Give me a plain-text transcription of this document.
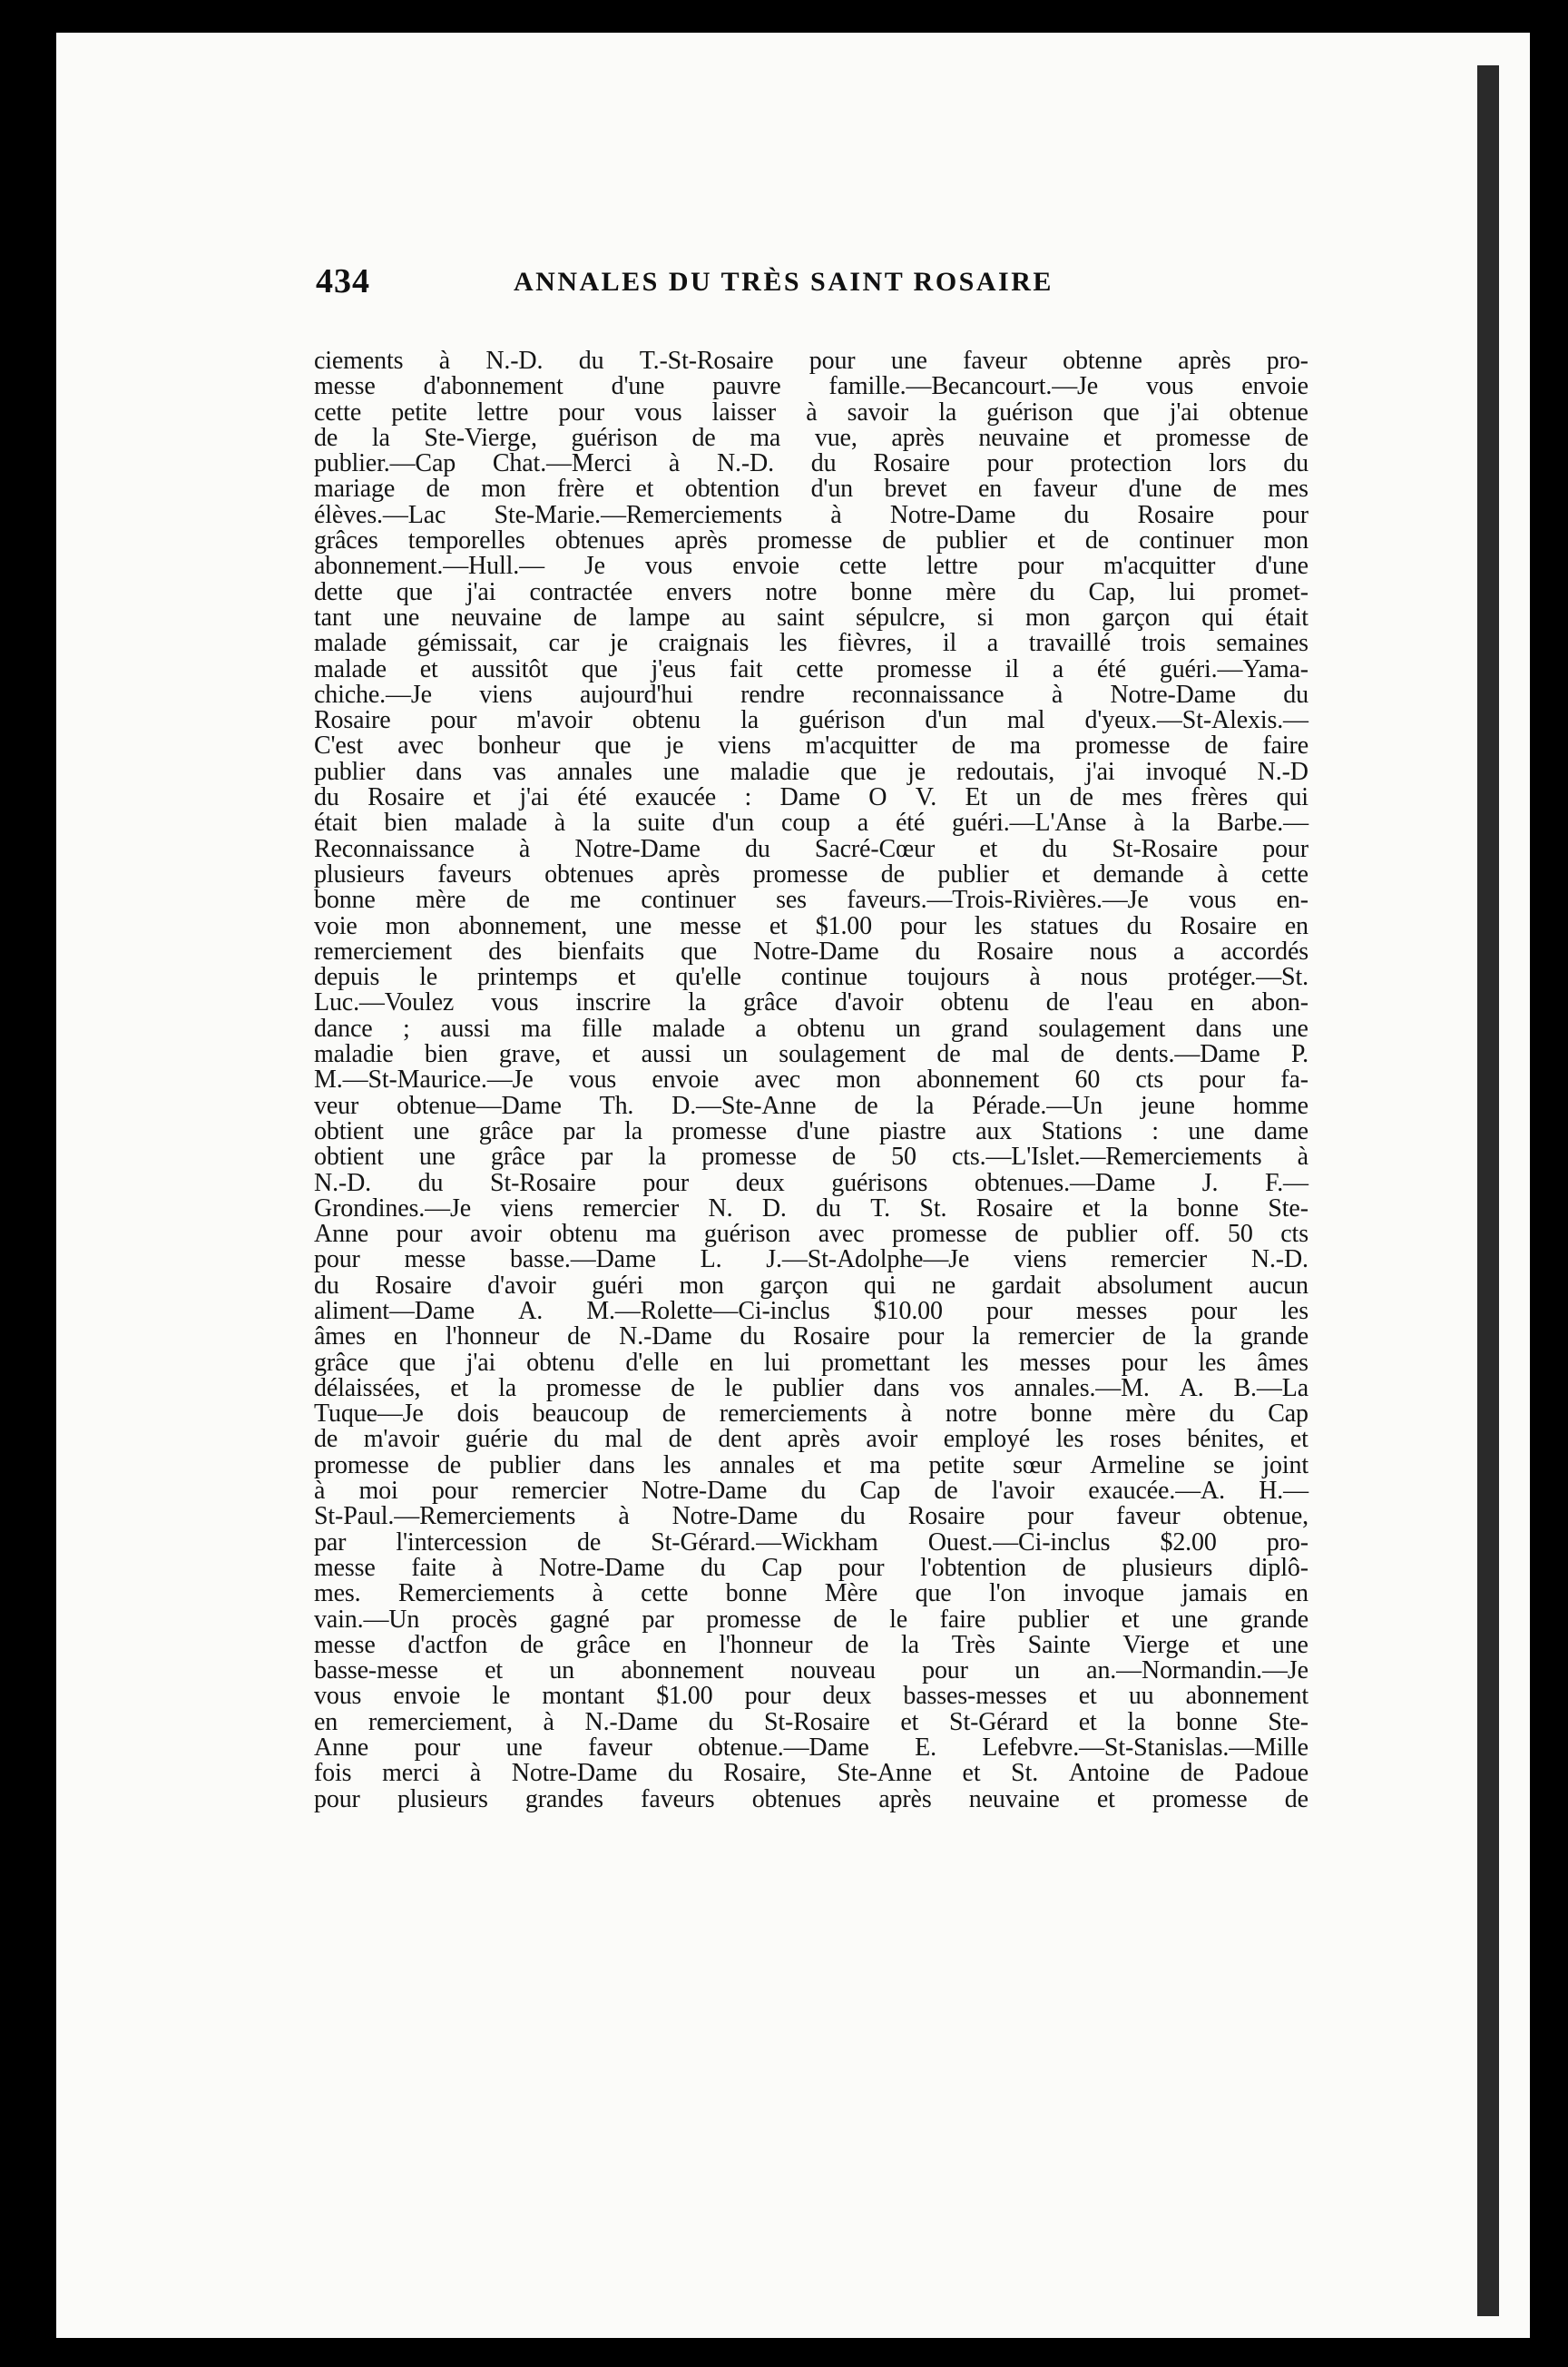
434	ANNALES DU TRÈS SAINT ROSAIRE
ciements à N.-D. du T.-St-Rosaire pour une faveur obtenne après pro-
messe d'abonnement d'une pauvre famille.—Becancourt.—Je vous envoie
cette petite lettre pour vous laisser à savoir la guérison que j'ai obtenue
de la Ste-Vierge, guérison de ma vue, après neuvaine et promesse de
publier.—Cap Chat.—Merci à N.-D. du Rosaire pour protection lors du
mariage de mon frère et obtention d'un brevet en faveur d'une de mes
élèves.—Lac Ste-Marie.—Remerciements à Notre-Dame du Rosaire pour
grâces temporelles obtenues après promesse de publier et de continuer mon
abonnement.—Hull.— Je vous envoie cette lettre pour m'acquitter d'une
dette que j'ai contractée envers notre bonne mère du Cap, lui promet-
tant une neuvaine de lampe au saint sépulcre, si mon garçon qui était
malade gémissait, car je craignais les fièvres, il a travaillé trois semaines
malade et aussitôt que j'eus fait cette promesse il a été guéri.—Yama-
chiche.—Je viens aujourd'hui rendre reconnaissance à Notre-Dame du
Rosaire pour m'avoir obtenu la guérison d'un mal d'yeux.—St-Alexis.—
C'est avec bonheur que je viens m'acquitter de ma promesse de faire
publier dans vas annales une maladie que je redoutais, j'ai invoqué N.-D
du Rosaire et j'ai été exaucée : Dame O V. Et un de mes frères qui
était bien malade à la suite d'un coup a été guéri.—L'Anse à la Barbe.—
Reconnaissance à Notre-Dame du Sacré-Cœur et du St-Rosaire pour
plusieurs faveurs obtenues après promesse de publier et demande à cette
bonne mère de me continuer ses faveurs.—Trois-Rivières.—Je vous en-
voie mon abonnement, une messe et $1.00 pour les statues du Rosaire en
remerciement des bienfaits que Notre-Dame du Rosaire nous a accordés
depuis le printemps et qu'elle continue toujours à nous protéger.—St.
Luc.—Voulez vous inscrire la grâce d'avoir obtenu de l'eau en abon-
dance ; aussi ma fille malade a obtenu un grand soulagement dans une
maladie bien grave, et aussi un soulagement de mal de dents.—Dame P.
M.—St-Maurice.—Je vous envoie avec mon abonnement 60 cts pour fa-
veur obtenue—Dame Th. D.—Ste-Anne de la Pérade.—Un jeune homme
obtient une grâce par la promesse d'une piastre aux Stations : une dame
obtient une grâce par la promesse de 50 cts.—L'Islet.—Remerciements à
N.-D. du St-Rosaire pour deux guérisons obtenues.—Dame J. F.—
Grondines.—Je viens remercier N. D. du T. St. Rosaire et la bonne Ste-
Anne pour avoir obtenu ma guérison avec promesse de publier off. 50 cts
pour messe basse.—Dame L. J.—St-Adolphe—Je viens remercier N.-D.
du Rosaire d'avoir guéri mon garçon qui ne gardait absolument aucun
aliment—Dame A. M.—Rolette—Ci-inclus $10.00 pour messes pour les
âmes en l'honneur de N.-Dame du Rosaire pour la remercier de la grande
grâce que j'ai obtenu d'elle en lui promettant les messes pour les âmes
délaissées, et la promesse de le publier dans vos annales.—M. A. B.—La
Tuque—Je dois beaucoup de remerciements à notre bonne mère du Cap
de m'avoir guérie du mal de dent après avoir employé les roses bénites, et
promesse de publier dans les annales et ma petite sœur Armeline se joint
à moi pour remercier Notre-Dame du Cap de l'avoir exaucée.—A. H.—
St-Paul.—Remerciements à Notre-Dame du Rosaire pour faveur obtenue,
par l'intercession de St-Gérard.—Wickham Ouest.—Ci-inclus $2.00 pro-
messe faite à Notre-Dame du Cap pour l'obtention de plusieurs diplô-
mes. Remerciements à cette bonne Mère que l'on invoque jamais en
vain.—Un procès gagné par promesse de le faire publier et une grande
messe d'actfon de grâce en l'honneur de la Très Sainte Vierge et une
basse-messe et un abonnement nouveau pour un an.—Normandin.—Je
vous envoie le montant $1.00 pour deux basses-messes et uu abonnement
en remerciement, à N.-Dame du St-Rosaire et St-Gérard et la bonne Ste-
Anne pour une faveur obtenue.—Dame E. Lefebvre.—St-Stanislas.—Mille
fois merci à Notre-Dame du Rosaire, Ste-Anne et St. Antoine de Padoue
pour plusieurs grandes faveurs obtenues après neuvaine et promesse de
